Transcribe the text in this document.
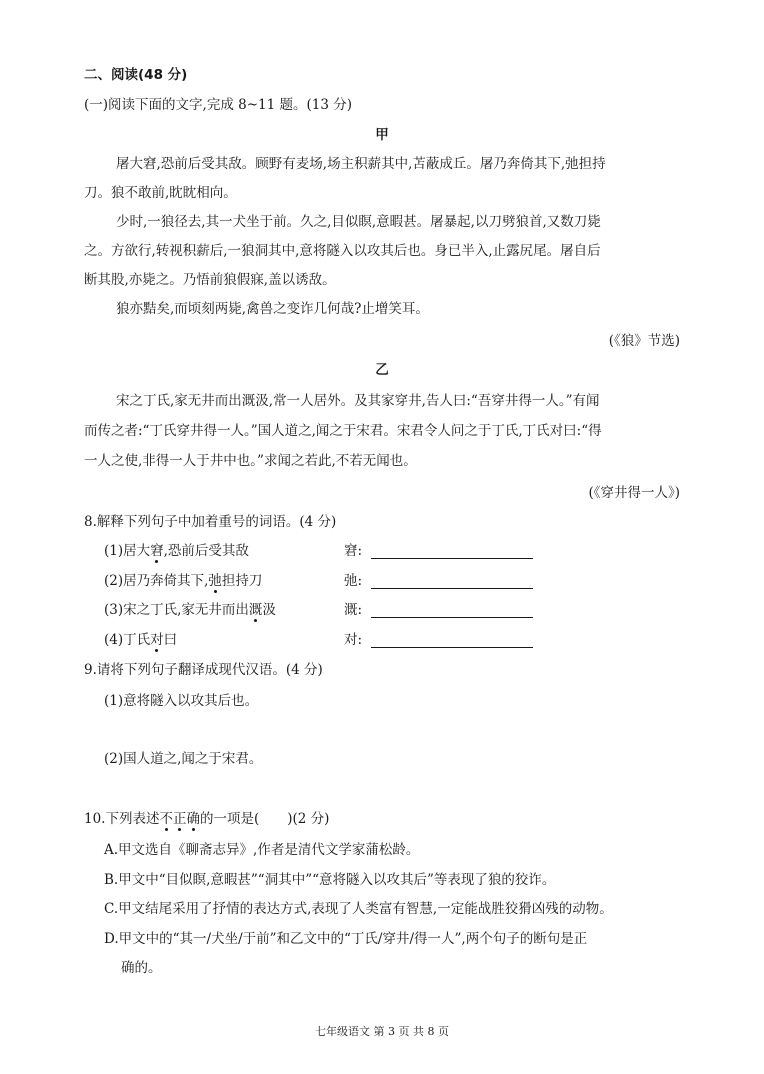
二、阅读(48 分)
(一)阅读下面的文字,完成 8~11 题。(13 分)
甲
屠大窘,恐前后受其敌。顾野有麦场,场主积薪其中,苫蔽成丘。屠乃奔倚其下,弛担持
刀。狼不敢前,眈眈相向。
少时,一狼径去,其一犬坐于前。久之,目似瞑,意暇甚。屠暴起,以刀劈狼首,又数刀毙
之。方欲行,转视积薪后,一狼洞其中,意将隧入以攻其后也。身已半入,止露尻尾。屠自后
断其股,亦毙之。乃悟前狼假寐,盖以诱敌。
狼亦黠矣,而顷刻两毙,禽兽之变诈几何哉?止增笑耳。
(《狼》节选)
乙
宋之丁氏,家无井而出溉汲,常一人居外。及其家穿井,告人曰:“吾穿井得一人。”有闻
而传之者:“丁氏穿井得一人。”国人道之,闻之于宋君。宋君令人问之于丁氏,丁氏对曰:“得
一人之使,非得一人于井中也。”求闻之若此,不若无闻也。
(《穿井得一人》)
8.解释下列句子中加着重号的词语。(4 分)
(1)居大窘,恐前后受其敌	窘:
(2)居乃奔倚其下,弛担持刀	弛:
(3)宋之丁氏,家无井而出溉汲	溉:
(4)丁氏对曰	对:
9.请将下列句子翻译成现代汉语。(4 分)
(1)意将隧入以攻其后也。
(2)国人道之,闻之于宋君。
10.下列表述不正确的一项是( )(2 分)
A.甲文选自《聊斋志异》,作者是清代文学家蒲松龄。
B.甲文中“目似瞑,意暇甚”“洞其中”“意将隧入以攻其后”等表现了狼的狡诈。
C.甲文结尾采用了抒情的表达方式,表现了人类富有智慧,一定能战胜狡猾凶残的动物。
D.甲文中的“其一/犬坐/于前”和乙文中的“丁氏/穿井/得一人”,两个句子的断句是正
确的。
七年级语文 第 3 页 共 8 页
